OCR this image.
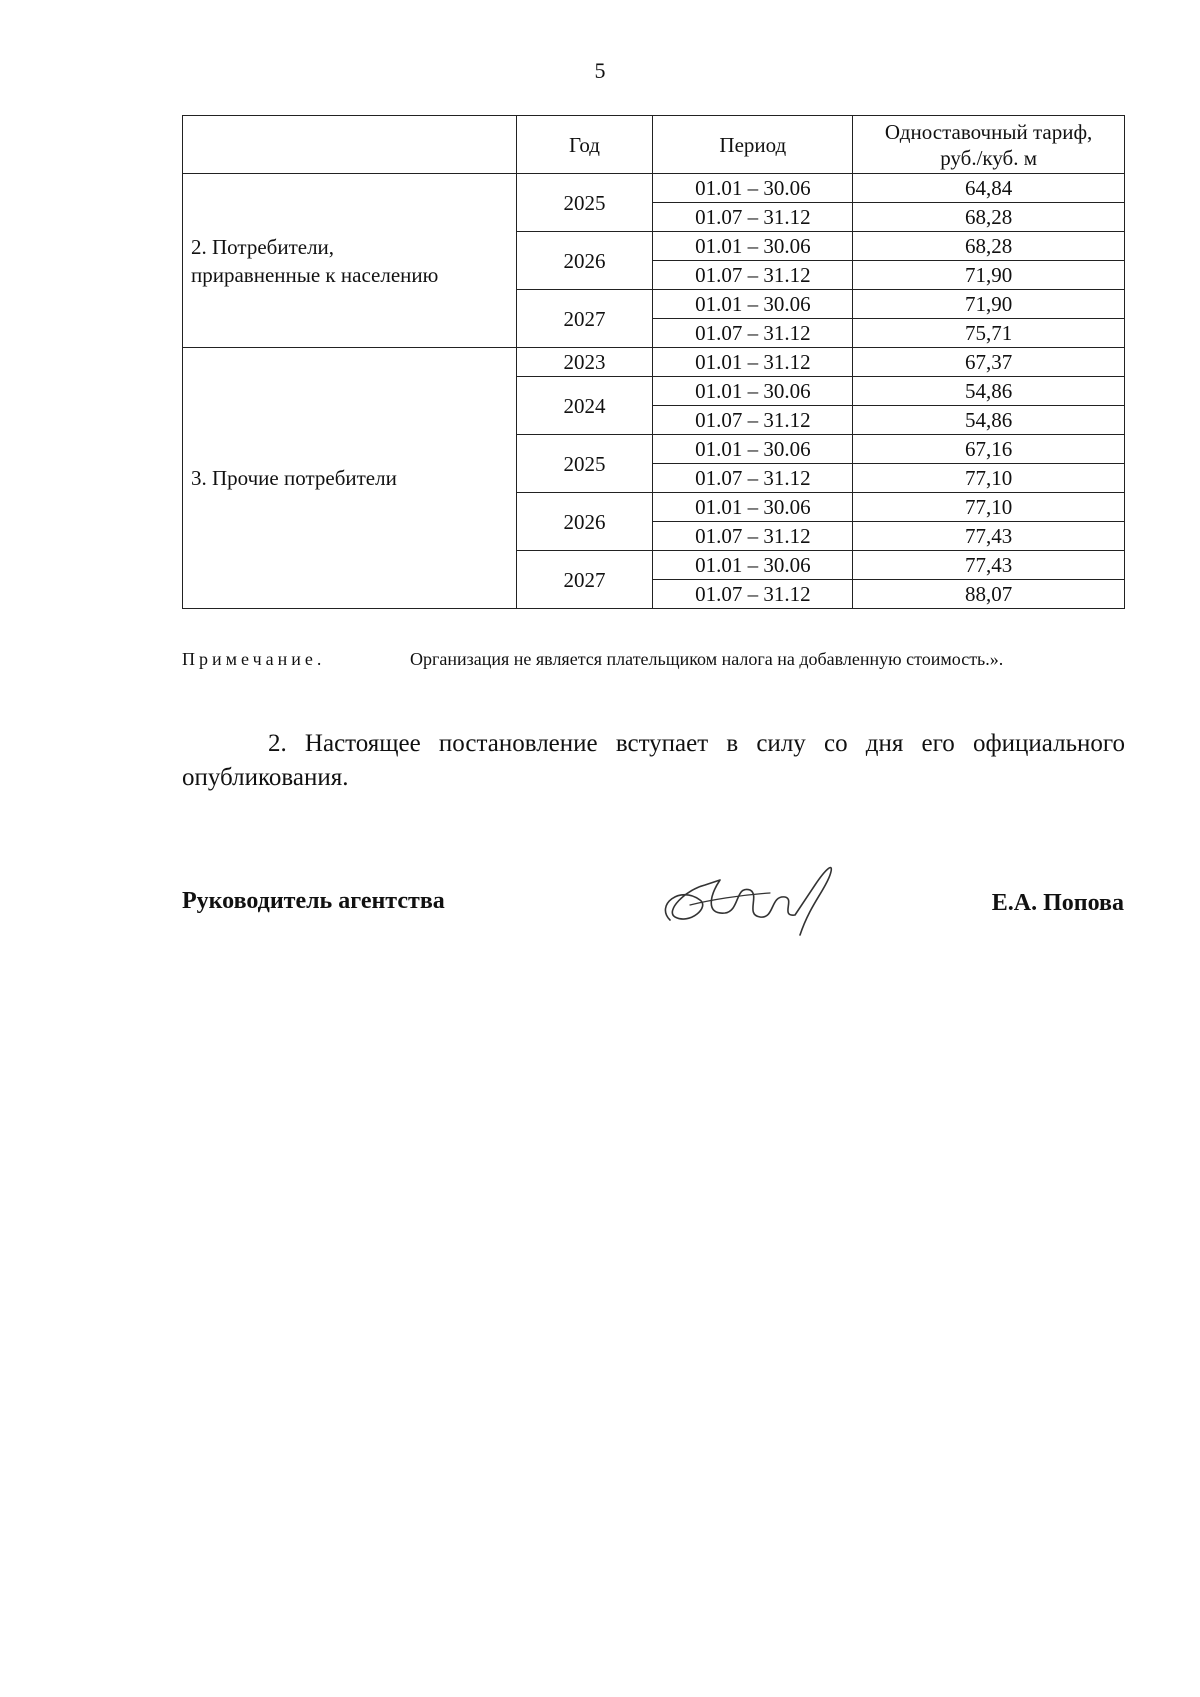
5
	Год	Период	Одноставочный тариф,
руб./куб. м
2. Потребители,
приравненные к населению	2025	01.01 – 30.06	64,84
		01.07 – 31.12	68,28
	2026	01.01 – 30.06	68,28
		01.07 – 31.12	71,90
	2027	01.01 – 30.06	71,90
		01.07 – 31.12	75,71
3. Прочие потребители	2023	01.01 – 31.12	67,37
	2024	01.01 – 30.06	54,86
		01.07 – 31.12	54,86
	2025	01.01 – 30.06	67,16
		01.07 – 31.12	77,10
	2026	01.01 – 30.06	77,10
		01.07 – 31.12	77,43
	2027	01.01 – 30.06	77,43
		01.07 – 31.12	88,07
Примечание.	Организация не является плательщиком налога на добавленную стоимость.».
2. Настоящее постановление вступает в силу со дня его официального опубликования.
Руководитель агентства	Е.А. Попова
